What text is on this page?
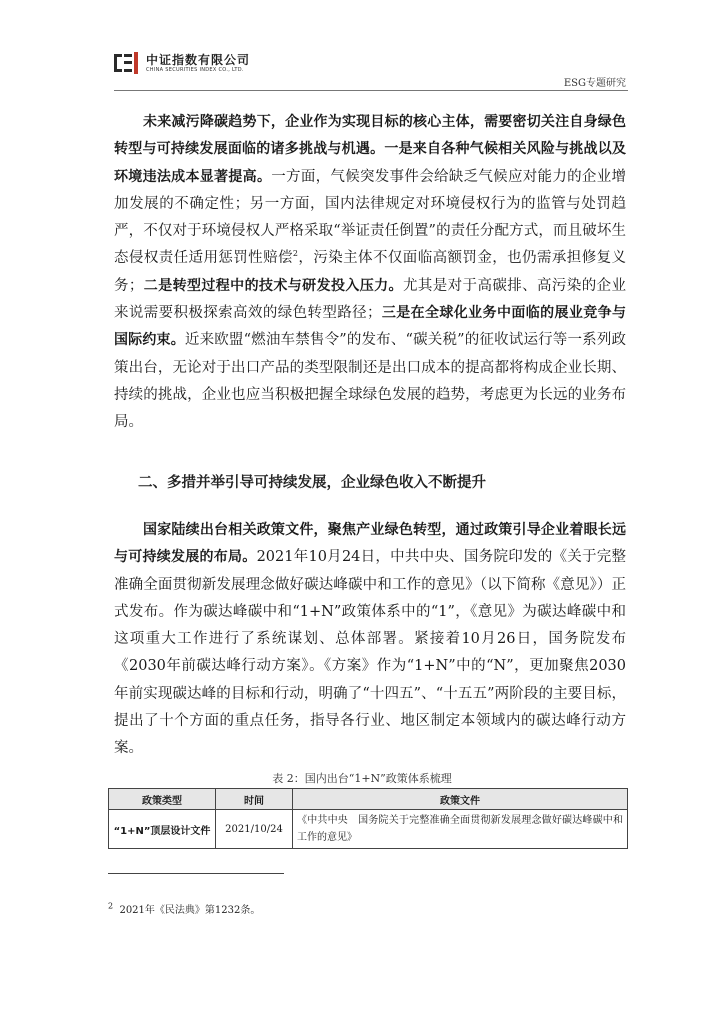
中证指数有限公司
CHINA SECURITIES INDEX CO., LTD.
ESG专题研究

未来减污降碳趋势下，企业作为实现目标的核心主体，需要密切关注自身绿色转型与可持续发展面临的诸多挑战与机遇。一是来自各种气候相关风险与挑战以及环境违法成本显著提高。一方面，气候突发事件会给缺乏气候应对能力的企业增加发展的不确定性；另一方面，国内法律规定对环境侵权行为的监管与处罚趋严，不仅对于环境侵权人严格采取“举证责任倒置”的责任分配方式，而且破坏生态侵权责任适用惩罚性赔偿$^2$，污染主体不仅面临高额罚金，也仍需承担修复义务；二是转型过程中的技术与研发投入压力。尤其是对于高碳排、高污染的企业来说需要积极探索高效的绿色转型路径；三是在全球化业务中面临的展业竞争与国际约束。近来欧盟“燃油车禁售令”的发布、“碳关税”的征收试运行等一系列政策出台，无论对于出口产品的类型限制还是出口成本的提高都将构成企业长期、持续的挑战，企业也应当积极把握全球绿色发展的趋势，考虑更为长远的业务布局。

二、多措并举引导可持续发展，企业绿色收入不断提升

国家陆续出台相关政策文件，聚焦产业绿色转型，通过政策引导企业着眼长远与可持续发展的布局。2021年10月24日，中共中央、国务院印发的《关于完整准确全面贯彻新发展理念做好碳达峰碳中和工作的意见》（以下简称《意见》）正式发布。作为碳达峰碳中和“1+N”政策体系中的“1”，《意见》为碳达峰碳中和这项重大工作进行了系统谋划、总体部署。紧接着10月26日，国务院发布《2030年前碳达峰行动方案》。《方案》作为“1+N”中的“N”，更加聚焦2030年前实现碳达峰的目标和行动，明确了“十四五”、“十五五”两阶段的主要目标，提出了十个方面的重点任务，指导各行业、地区制定本领域内的碳达峰行动方案。

表 2：国内出台“1+N”政策体系梳理
政策类型	时间	政策文件
“1+N”顶层设计文件	2021/10/24	《中共中央　国务院关于完整准确全面贯彻新发展理念做好碳达峰碳中和工作的意见》
$^2$ 2021年《民法典》第1232条。
